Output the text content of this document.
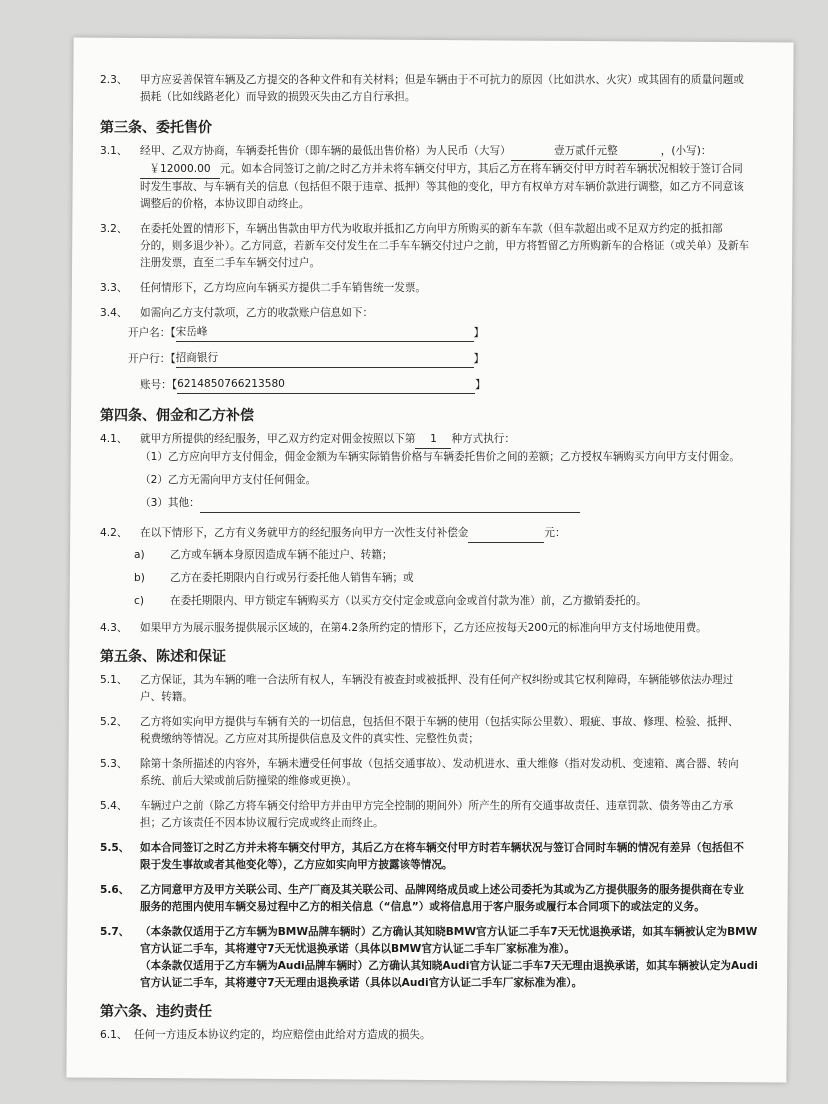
2.3、	甲方应妥善保管车辆及乙方提交的各种文件和有关材料；但是车辆由于不可抗力的原因（比如洪水、火灾）或其固有的质量问题或
损耗（比如线路老化）而导致的损毁灭失由乙方自行承担。

第三条、委托售价

3.1、 经甲、乙双方协商，车辆委托售价（即车辆的最低出售价格）为人民币（大写）	壹万贰仟元整	，(小写)：
￥12000.00 元。如本合同签订之前/之时乙方并未将车辆交付甲方，其后乙方在将车辆交付甲方时若车辆状况相较于签订合同
时发生事故、与车辆有关的信息（包括但不限于违章、抵押）等其他的变化，甲方有权单方对车辆价款进行调整，如乙方不同意该
调整后的价格，本协议即自动终止。
3.2、 在委托处置的情形下，车辆出售款由甲方代为收取并抵扣乙方向甲方所购买的新车车款（但车款超出或不足双方约定的抵扣部
分的，则多退少补）。乙方同意，若新车交付发生在二手车车辆交付过户之前，甲方将暂留乙方所购新车的合格证（或关单）及新车
注册发票，直至二手车车辆交付过户。
3.3、 任何情形下，乙方均应向车辆买方提供二手车销售统一发票。
3.4、 如需向乙方支付款项，乙方的收款账户信息如下：
开户名：【 宋岳峰	】
开户行：【 招商银行	】
账号：【 6214850766213580	】

第四条、佣金和乙方补偿

4.1、 就甲方所提供的经纪服务，甲乙双方约定对佣金按照以下第 1 种方式执行：
（1）乙方应向甲方支付佣金，佣金金额为车辆实际销售价格与车辆委托售价之间的差额；乙方授权车辆购买方向甲方支付佣金。
（2）乙方无需向甲方支付任何佣金。
（3）其他：
4.2、 在以下情形下，乙方有义务就甲方的经纪服务向甲方一次性支付补偿金	元：
a) 乙方或车辆本身原因造成车辆不能过户、转籍；
b) 乙方在委托期限内自行或另行委托他人销售车辆；或
c) 在委托期限内、甲方锁定车辆购买方（以买方交付定金或意向金或首付款为准）前，乙方撤销委托的。
4.3、 如果甲方为展示服务提供展示区域的，在第4.2条所约定的情形下，乙方还应按每天200元的标准向甲方支付场地使用费。

第五条、陈述和保证

5.1、 乙方保证，其为车辆的唯一合法所有权人，车辆没有被查封或被抵押、没有任何产权纠纷或其它权利障碍，车辆能够依法办理过
户、转籍。
5.2、 乙方将如实向甲方提供与车辆有关的一切信息，包括但不限于车辆的使用（包括实际公里数）、瑕疵、事故、修理、检验、抵押、
税费缴纳等情况。乙方应对其所提供信息及文件的真实性、完整性负责；
5.3、 除第十条所描述的内容外，车辆未遭受任何事故（包括交通事故）、发动机进水、重大维修（指对发动机、变速箱、离合器、转向
系统、前后大梁或前后防撞梁的维修或更换）。
5.4、 车辆过户之前（除乙方将车辆交付给甲方并由甲方完全控制的期间外）所产生的所有交通事故责任、违章罚款、债务等由乙方承
担；乙方该责任不因本协议履行完成或终止而终止。
5.5、 如本合同签订之时乙方并未将车辆交付甲方，其后乙方在将车辆交付甲方时若车辆状况与签订合同时车辆的情况有差异（包括但不
限于发生事故或者其他变化等），乙方应如实向甲方披露该等情况。
5.6、 乙方同意甲方及甲方关联公司、生产厂商及其关联公司、品牌网络成员或上述公司委托为其或为乙方提供服务的服务提供商在专业
服务的范围内使用车辆交易过程中乙方的相关信息（“信息”）或将信息用于客户服务或履行本合同项下的或法定的义务。
5.7、 （本条款仅适用于乙方车辆为BMW品牌车辆时）乙方确认其知晓BMW官方认证二手车7天无忧退换承诺，如其车辆被认定为BMW
官方认证二手车，其将遵守7天无忧退换承诺（具体以BMW官方认证二手车厂家标准为准）。
（本条款仅适用于乙方车辆为Audi品牌车辆时）乙方确认其知晓Audi官方认证二手车7天无理由退换承诺，如其车辆被认定为Audi
官方认证二手车，其将遵守7天无理由退换承诺（具体以Audi官方认证二手车厂家标准为准）。

第六条、违约责任

6.1、 任何一方违反本协议约定的，均应赔偿由此给对方造成的损失。
